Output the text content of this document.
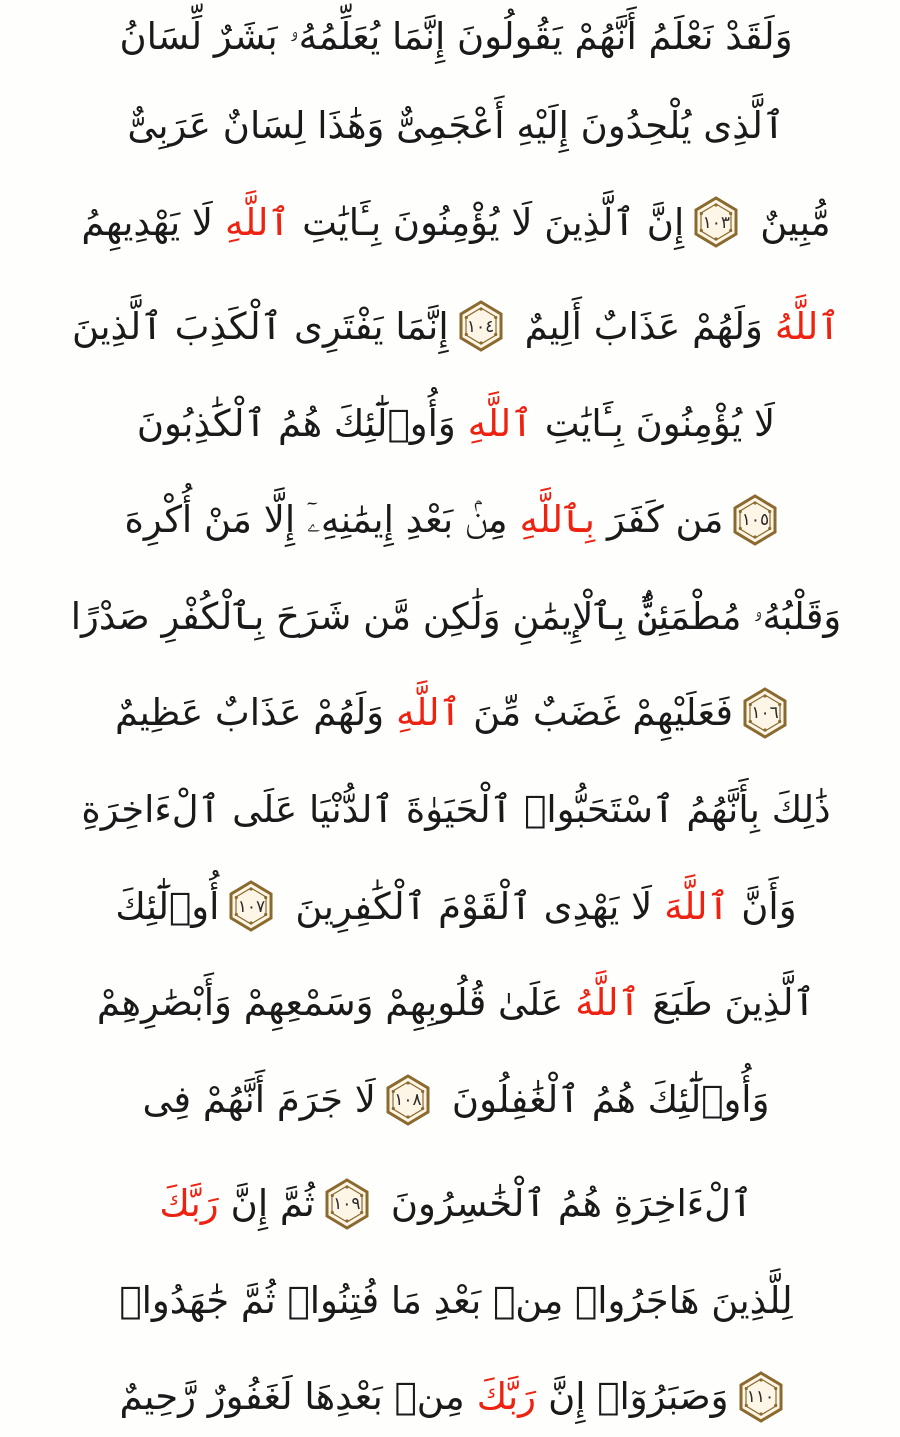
وَلَقَدْ نَعْلَمُ أَنَّهُمْ يَقُولُونَ إِنَّمَا يُعَلِّمُهُۥ بَشَرٌ لِّسَانُ
ٱلَّذِى يُلْحِدُونَ إِلَيْهِ أَعْجَمِىٌّ وَهَٰذَا لِسَانٌ عَرَبِىٌّ
مُّبِينٌ
١٠٣
إِنَّ ٱلَّذِينَ لَا يُؤْمِنُونَ بِـَٔايَٰتِ
ٱللَّهِ
لَا يَهْدِيهِمُ
ٱللَّهُ
وَلَهُمْ عَذَابٌ أَلِيمٌ
١٠٤
إِنَّمَا يَفْتَرِى ٱلْكَذِبَ ٱلَّذِينَ
لَا يُؤْمِنُونَ بِـَٔايَٰتِ
ٱللَّهِ
وَأُو۟لَٰٓئِكَ هُمُ ٱلْكَٰذِبُونَ
١٠٥
مَن كَفَرَ
بِٱللَّهِ
مِنۢ بَعْدِ إِيمَٰنِهِۦٓ إِلَّا مَنْ أُكْرِهَ
وَقَلْبُهُۥ مُطْمَئِنٌّۢ بِٱلْإِيمَٰنِ وَلَٰكِن مَّن شَرَحَ بِٱلْكُفْرِ صَدْرًا
١٠٦
فَعَلَيْهِمْ غَضَبٌ مِّنَ
ٱللَّهِ
وَلَهُمْ عَذَابٌ عَظِيمٌ
ذَٰلِكَ بِأَنَّهُمُ ٱسْتَحَبُّوا۟ ٱلْحَيَوٰةَ ٱلدُّنْيَا عَلَى ٱلْءَاخِرَةِ
وَأَنَّ
ٱللَّهَ
لَا يَهْدِى ٱلْقَوْمَ ٱلْكَٰفِرِينَ
١٠٧
أُو۟لَٰٓئِكَ
ٱلَّذِينَ طَبَعَ
ٱللَّهُ
عَلَىٰ قُلُوبِهِمْ وَسَمْعِهِمْ وَأَبْصَٰرِهِمْ
وَأُو۟لَٰٓئِكَ هُمُ ٱلْغَٰفِلُونَ
١٠٨
لَا جَرَمَ أَنَّهُمْ فِى
ٱلْءَاخِرَةِ هُمُ ٱلْخَٰسِرُونَ
١٠٩
ثُمَّ إِنَّ
رَبَّكَ
لِلَّذِينَ هَاجَرُوا۟ مِنۢ بَعْدِ مَا فُتِنُوا۟ ثُمَّ جَٰهَدُوا۟
١١٠
وَصَبَرُوٓا۟ إِنَّ
رَبَّكَ
مِنۢ بَعْدِهَا لَغَفُورٌ رَّحِيمٌ
